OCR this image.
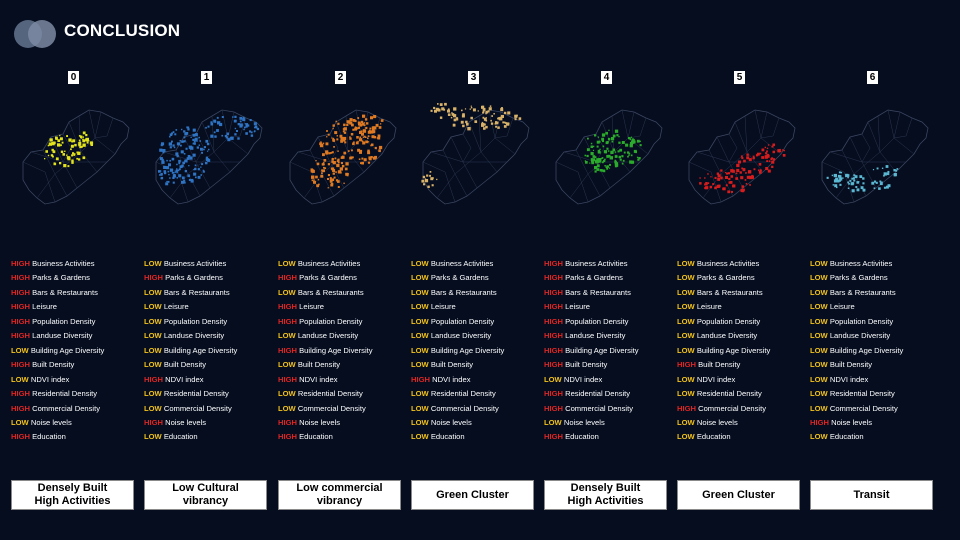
CONCLUSION
0
HIGH Business Activities
HIGH Parks & Gardens
HIGH Bars & Restaurants
HIGH Leisure
HIGH Population Density
HIGH Landuse Diversity
LOW Building Age Diversity
HIGH Built Density
LOW NDVI index
HIGH Residential Density
HIGH Commercial Density
LOW Noise levels
HIGH Education
Densely Built
High Activities
1
LOW Business Activities
HIGH Parks & Gardens
LOW Bars & Restaurants
LOW Leisure
LOW Population Density
LOW Landuse Diversity
LOW Building Age Diversity
LOW Built Density
HIGH NDVI index
LOW Residential Density
LOW Commercial Density
HIGH Noise levels
LOW Education
Low Cultural
vibrancy
2
LOW Business Activities
HIGH Parks & Gardens
LOW Bars & Restaurants
HIGH Leisure
HIGH Population Density
LOW Landuse Diversity
HIGH Building Age Diversity
LOW Built Density
HIGH NDVI index
LOW Residential Density
LOW Commercial Density
HIGH Noise levels
HIGH Education
Low commercial
vibrancy
3
LOW Business Activities
LOW Parks & Gardens
LOW Bars & Restaurants
LOW Leisure
LOW Population Density
LOW Landuse Diversity
LOW Building Age Diversity
LOW Built Density
HIGH NDVI index
LOW Residential Density
LOW Commercial Density
LOW Noise levels
LOW Education
Green Cluster
4
HIGH Business Activities
HIGH Parks & Gardens
HIGH Bars & Restaurants
HIGH Leisure
HIGH Population Density
HIGH Landuse Diversity
HIGH Building Age Diversity
HIGH Built Density
LOW NDVI index
HIGH Residential Density
HIGH Commercial Density
LOW Noise levels
HIGH Education
Densely Built
High Activities
5
LOW Business Activities
LOW Parks & Gardens
LOW Bars & Restaurants
LOW Leisure
LOW Population Density
LOW Landuse Diversity
LOW Building Age Diversity
HIGH Built Density
LOW NDVI index
LOW Residential Density
HIGH Commercial Density
LOW Noise levels
LOW Education
Green Cluster
6
LOW Business Activities
LOW Parks & Gardens
LOW Bars & Restaurants
LOW Leisure
LOW Population Density
LOW Landuse Diversity
LOW Building Age Diversity
LOW Built Density
LOW NDVI index
LOW Residential Density
LOW Commercial Density
HIGH Noise levels
LOW Education
Transit
